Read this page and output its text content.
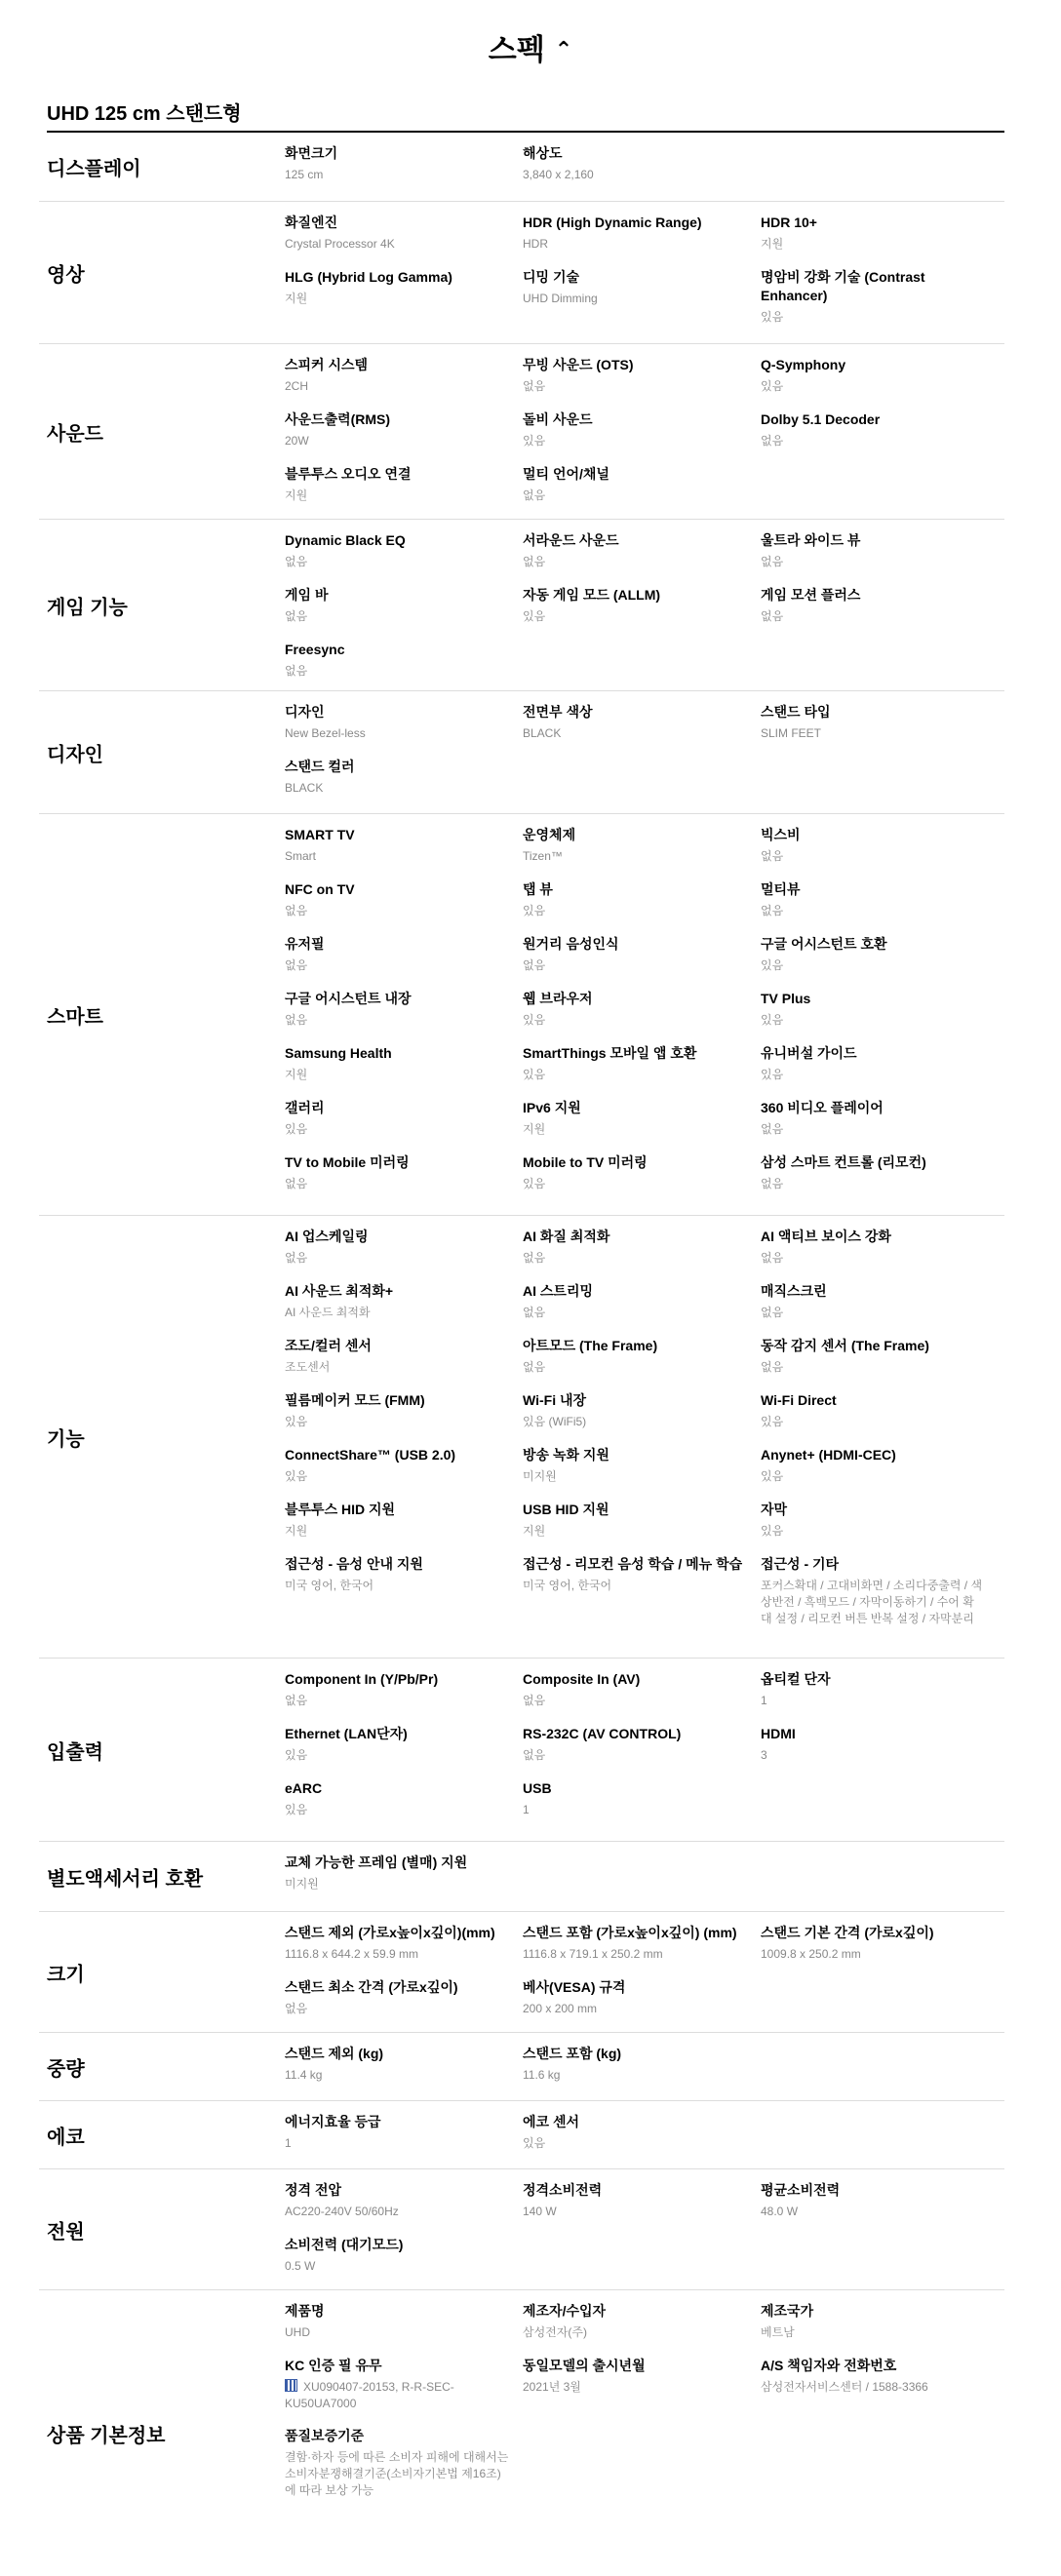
스펙 ⌃
UHD 125 cm 스탠드형
디스플레이
화면크기
125 cm
해상도
3,840 x 2,160
영상
화질엔진
Crystal Processor 4K
HDR (High Dynamic Range)
HDR
HDR 10+
지원
HLG (Hybrid Log Gamma)
지원
디밍 기술
UHD Dimming
명암비 강화 기술 (Contrast Enhancer)
있음
사운드
스피커 시스템
2CH
무빙 사운드 (OTS)
없음
Q-Symphony
있음
사운드출력(RMS)
20W
돌비 사운드
있음
Dolby 5.1 Decoder
없음
블루투스 오디오 연결
지원
멀티 언어/채널
없음
게임 기능
Dynamic Black EQ
없음
서라운드 사운드
없음
울트라 와이드 뷰
없음
게임 바
없음
자동 게임 모드 (ALLM)
있음
게임 모션 플러스
없음
Freesync
없음
디자인
디자인
New Bezel-less
전면부 색상
BLACK
스탠드 타입
SLIM FEET
스탠드 컬러
BLACK
스마트
SMART TV
Smart
운영체제
Tizen™
빅스비
없음
NFC on TV
없음
탭 뷰
있음
멀티뷰
없음
유저필
없음
원거리 음성인식
없음
구글 어시스턴트 호환
있음
구글 어시스턴트 내장
없음
웹 브라우저
있음
TV Plus
있음
Samsung Health
지원
SmartThings 모바일 앱 호환
있음
유니버설 가이드
있음
갤러리
있음
IPv6 지원
지원
360 비디오 플레이어
없음
TV to Mobile 미러링
없음
Mobile to TV 미러링
있음
삼성 스마트 컨트롤 (리모컨)
없음
기능
AI 업스케일링
없음
AI 화질 최적화
없음
AI 액티브 보이스 강화
없음
AI 사운드 최적화+
AI 사운드 최적화
AI 스트리밍
없음
매직스크린
없음
조도/컬러 센서
조도센서
아트모드 (The Frame)
없음
동작 감지 센서 (The Frame)
없음
필름메이커 모드 (FMM)
있음
Wi-Fi 내장
있음 (WiFi5)
Wi-Fi Direct
있음
ConnectShare™ (USB 2.0)
있음
방송 녹화 지원
미지원
Anynet+ (HDMI-CEC)
있음
블루투스 HID 지원
지원
USB HID 지원
지원
자막
있음
접근성 - 음성 안내 지원
미국 영어, 한국어
접근성 - 리모컨 음성 학습 / 메뉴 학습
미국 영어, 한국어
접근성 - 기타
포커스확대 / 고대비화면 / 소리다중출력 / 색상반전 / 흑백모드 / 자막이동하기 / 수어 확대 설정 / 리모컨 버튼 반복 설정 / 자막분리
입출력
Component In (Y/Pb/Pr)
없음
Composite In (AV)
없음
옵티컬 단자
1
Ethernet (LAN단자)
있음
RS-232C (AV CONTROL)
없음
HDMI
3
eARC
있음
USB
1
별도액세서리 호환
교체 가능한 프레임 (별매) 지원
미지원
크기
스탠드 제외 (가로x높이x깊이)(mm)
1116.8 x 644.2 x 59.9 mm
스탠드 포함 (가로x높이x깊이) (mm)
1116.8 x 719.1 x 250.2 mm
스탠드 기본 간격 (가로x깊이)
1009.8 x 250.2 mm
스탠드 최소 간격 (가로x깊이)
없음
베사(VESA) 규격
200 x 200 mm
중량
스탠드 제외 (kg)
11.4 kg
스탠드 포함 (kg)
11.6 kg
에코
에너지효율 등급
1
에코 센서
있음
전원
정격 전압
AC220-240V 50/60Hz
정격소비전력
140 W
평균소비전력
48.0 W
소비전력 (대기모드)
0.5 W
상품 기본정보
제품명
UHD
제조자/수입자
삼성전자(주)
제조국가
베트남
KC 인증 필 유무
XU090407-20153, R-R-SEC-KU50UA7000
동일모델의 출시년월
2021년 3월
A/S 책임자와 전화번호
삼성전자서비스센터 / 1588-3366
품질보증기준
결함·하자 등에 따른 소비자 피해에 대해서는 소비자분쟁해결기준(소비자기본법 제16조)에 따라 보상 가능
